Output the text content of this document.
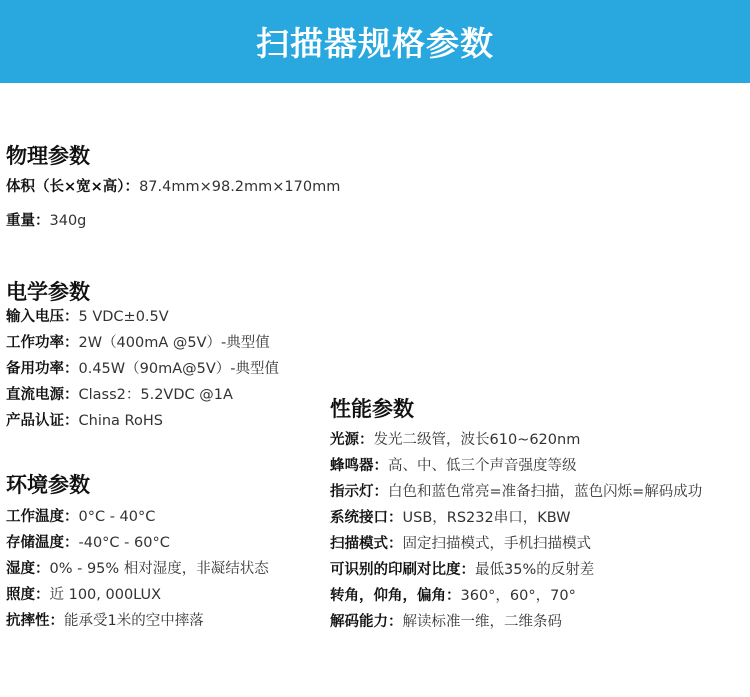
扫描器规格参数
物理参数
体积（长×宽×高）：87.4mm×98.2mm×170mm
重量：340g
电学参数
输入电压：5 VDC±0.5V
工作功率：2W（400mA @5V）-典型值
备用功率：0.45W（90mA@5V）-典型值
直流电源：Class2：5.2VDC @1A
产品认证：China RoHS
环境参数
工作温度：0°C - 40°C
存储温度：-40°C - 60°C
湿度：0% - 95% 相对湿度，非凝结状态
照度：近 100, 000LUX
抗摔性：能承受1米的空中摔落
性能参数
光源：发光二级管，波长610~620nm
蜂鸣器：高、中、低三个声音强度等级
指示灯：白色和蓝色常亮=准备扫描，蓝色闪烁=解码成功
系统接口：USB，RS232串口，KBW
扫描模式：固定扫描模式，手机扫描模式
可识别的印刷对比度：最低35%的反射差
转角，仰角，偏角：360°，60°，70°
解码能力：解读标准一维，二维条码
